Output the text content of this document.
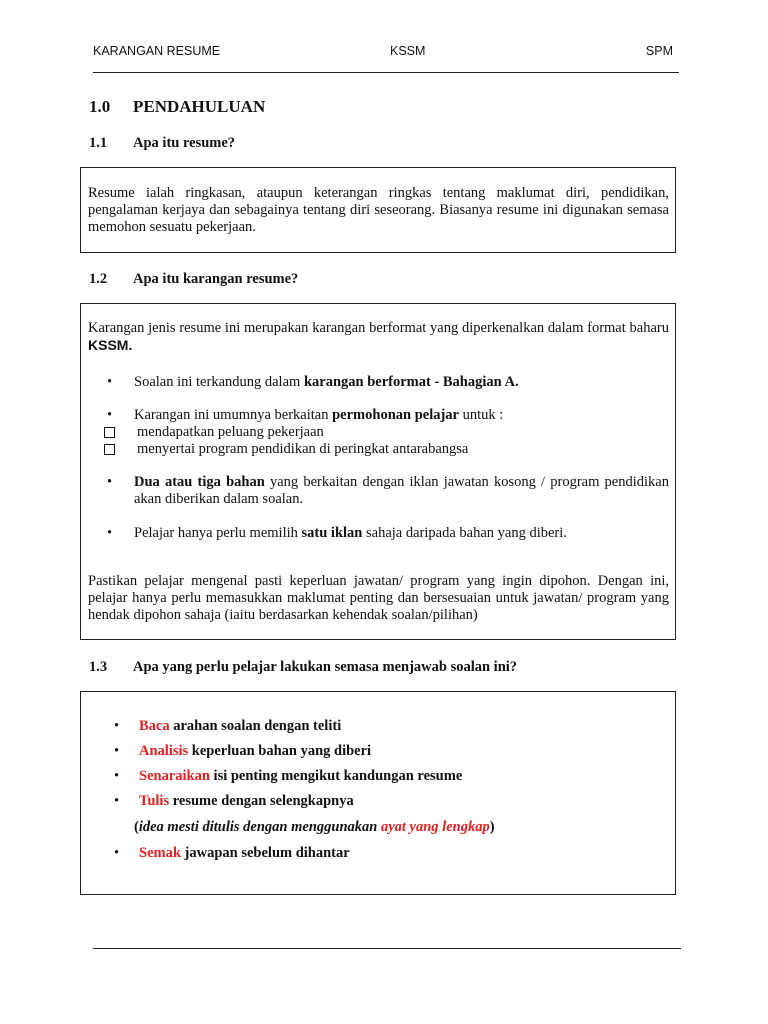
KARANGAN RESUME	KSSM	SPM
1.0 PENDAHULUAN
1.1 Apa itu resume?

Resume ialah ringkasan, ataupun keterangan ringkas tentang maklumat diri, pendidikan, pengalaman kerjaya dan sebagainya tentang diri seseorang. Biasanya resume ini digunakan semasa memohon sesuatu pekerjaan.

1.2 Apa itu karangan resume?

Karangan jenis resume ini merupakan karangan berformat yang diperkenalkan dalam format baharu KSSM.

• Soalan ini terkandung dalam karangan berformat - Bahagian A.
• Karangan ini umumnya berkaitan permohonan pelajar untuk :
mendapatkan peluang pekerjaan
menyertai program pendidikan di peringkat antarabangsa
• Dua atau tiga bahan yang berkaitan dengan iklan jawatan kosong / program pendidikan akan diberikan dalam soalan.
• Pelajar hanya perlu memilih satu iklan sahaja daripada bahan yang diberi.

Pastikan pelajar mengenal pasti keperluan jawatan/ program yang ingin dipohon. Dengan ini, pelajar hanya perlu memasukkan maklumat penting dan bersesuaian untuk jawatan/ program yang hendak dipohon sahaja (iaitu berdasarkan kehendak soalan/pilihan)

1.3 Apa yang perlu pelajar lakukan semasa menjawab soalan ini?
• Baca arahan soalan dengan teliti
• Analisis keperluan bahan yang diberi
• Senaraikan isi penting mengikut kandungan resume
• Tulis resume dengan selengkapnya
(idea mesti ditulis dengan menggunakan ayat yang lengkap)
• Semak jawapan sebelum dihantar
